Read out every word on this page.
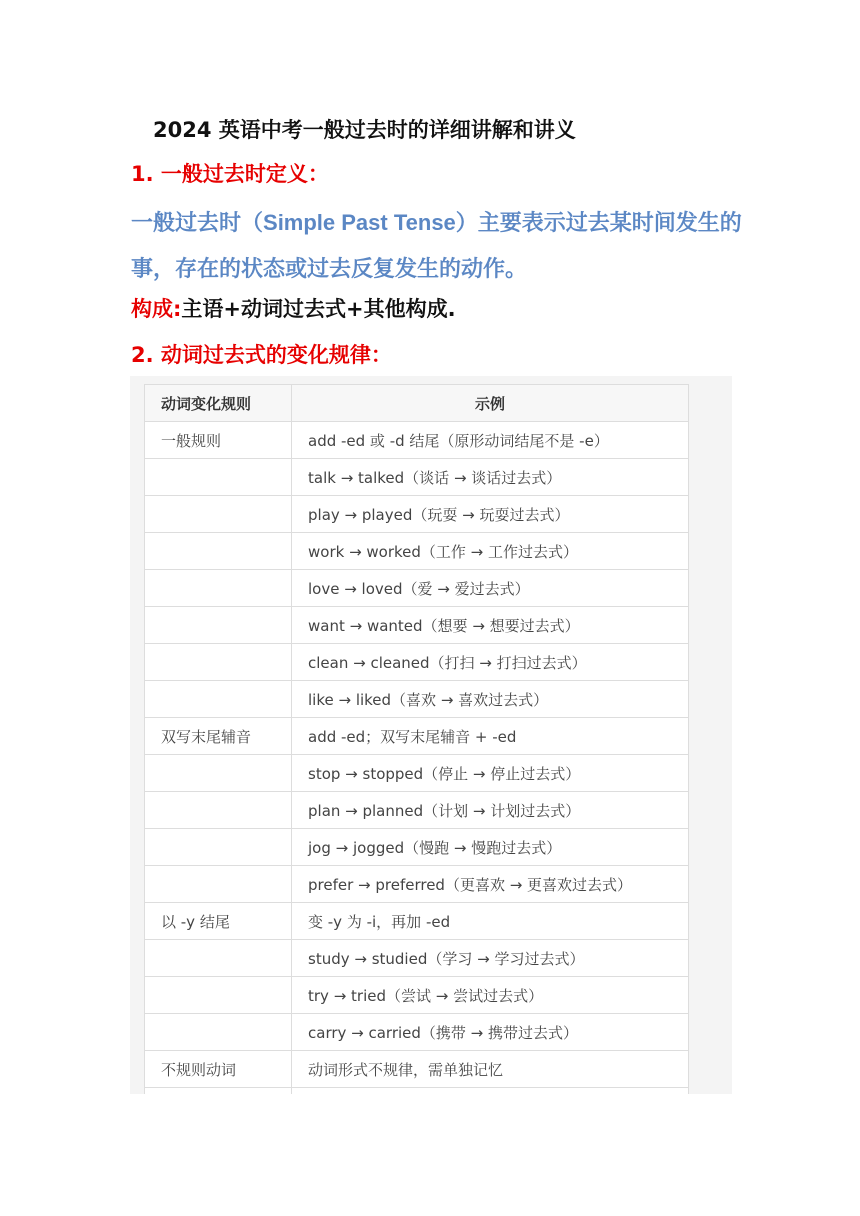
2024 英语中考一般过去时的详细讲解和讲义
1. 一般过去时定义：
一般过去时（Simple Past Tense）主要表示过去某时间发生的事，存在的状态或过去反复发生的动作。
构成:主语+动词过去式+其他构成.
2. 动词过去式的变化规律：
动词变化规则	示例
一般规则	add -ed 或 -d 结尾（原形动词结尾不是 -e）
	talk → talked（谈话 → 谈话过去式）
	play → played（玩耍 → 玩耍过去式）
	work → worked（工作 → 工作过去式）
	love → loved（爱 → 爱过去式）
	want → wanted（想要 → 想要过去式）
	clean → cleaned（打扫 → 打扫过去式）
	like → liked（喜欢 → 喜欢过去式）
双写末尾辅音	add -ed；双写末尾辅音 + -ed
	stop → stopped（停止 → 停止过去式）
	plan → planned（计划 → 计划过去式）
	jog → jogged（慢跑 → 慢跑过去式）
	prefer → preferred（更喜欢 → 更喜欢过去式）
以 -y 结尾	变 -y 为 -i，再加 -ed
	study → studied（学习 → 学习过去式）
	try → tried（尝试 → 尝试过去式）
	carry → carried（携带 → 携带过去式）
不规则动词	动词形式不规律，需单独记忆
